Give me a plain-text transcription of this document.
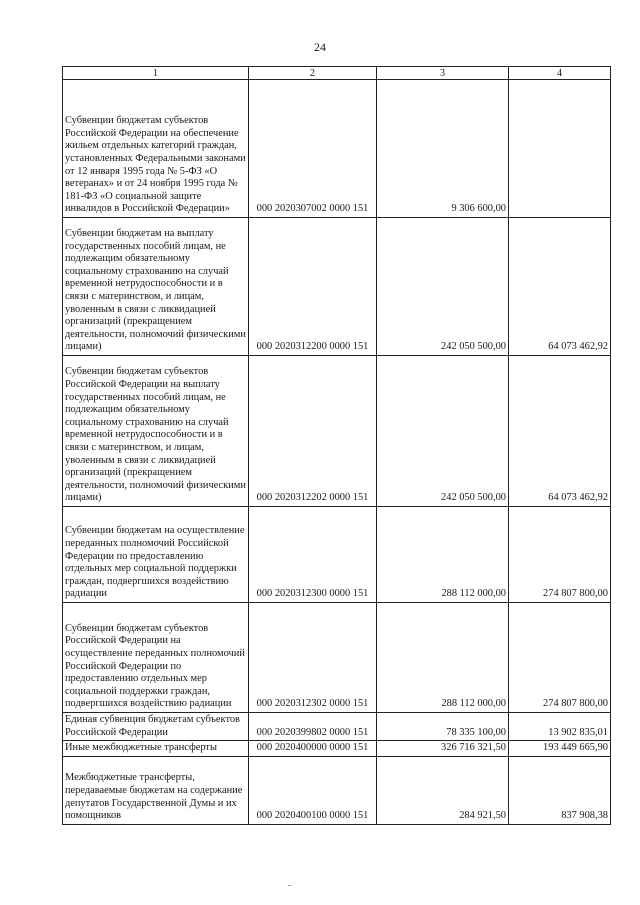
24
1	2	3	4
Субвенции бюджетам субъектов Российской Федерации на обеспечение жильем отдельных категорий граждан, установленных Федеральными законами от 12 января 1995 года № 5-ФЗ «О ветеранах» и от 24 ноября 1995 года № 181-ФЗ «О социальной защите инвалидов в Российской Федерации»	000 2020307002 0000 151	9 306 600,00	
Субвенции бюджетам на выплату государственных пособий лицам, не подлежащим обязательному социальному страхованию на случай временной нетрудоспособности и в связи с материнством, и лицам, уволенным в связи с ликвидацией организаций (прекращением деятельности, полномочий физическими лицами)	000 2020312200 0000 151	242 050 500,00	64 073 462,92
Субвенции бюджетам субъектов Российской Федерации на выплату государственных пособий лицам, не подлежащим обязательному социальному страхованию на случай временной нетрудоспособности и в связи с материнством, и лицам, уволенным в связи с ликвидацией организаций (прекращением деятельности, полномочий физическими лицами)	000 2020312202 0000 151	242 050 500,00	64 073 462,92
Субвенции бюджетам на осуществление переданных полномочий Российской Федерации по предоставлению отдельных мер социальной поддержки граждан, подвергшихся воздействию радиации	000 2020312300 0000 151	288 112 000,00	274 807 800,00
Субвенции бюджетам субъектов Российской Федерации на осуществление переданных полномочий Российской Федерации по предоставлению отдельных мер социальной поддержки граждан, подвергшихся воздействию радиации	000 2020312302 0000 151	288 112 000,00	274 807 800,00
Единая субвенция бюджетам субъектов Российской Федерации	000 2020399802 0000 151	78 335 100,00	13 902 835,01
Иные межбюджетные трансферты	000 2020400000 0000 151	326 716 321,50	193 449 665,90
Межбюджетные трансферты, передаваемые бюджетам на содержание депутатов Государственной Думы и их помощников	000 2020400100 0000 151	284 921,50	837 908,38
